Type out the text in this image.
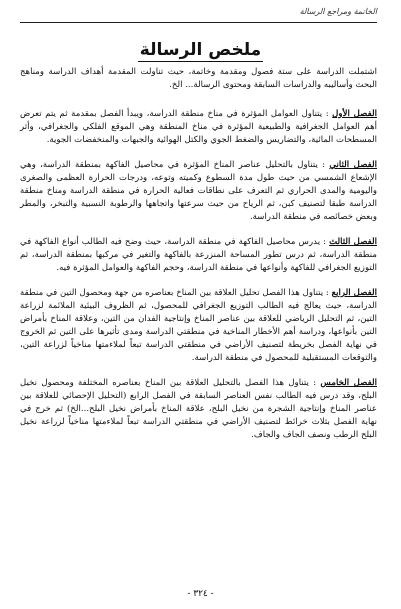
الخاتمة ومراجع الرسالة
ملخص الرسالة

اشتملت الدراسة على ستة فصول ومقدمة وخاتمة، حيث تناولت المقدمة أهداف الدراسة ومناهج البحث وأساليبه والدراسات السابقة ومحتوى الرسالة... الخ.

الفصل الأول : يتناول العوامل المؤثرة في مناخ منطقة الدراسة، ويبدأ الفصل بمقدمة ثم يتم تعرض أهم العوامل الجغرافية والطبيعية المؤثرة في مناخ المنطقة وهي الموقع الفلكي والجغرافي، وأثر المسطحات المائية، والتضاريس والضغط الجوي والكتل الهوائية والجبهات والمنخفضات الجوية.

الفصل الثاني : يتناول بالتحليل عناصر المناخ المؤثرة في محاصيل الفاكهة بمنطقة الدراسة، وهي الإشعاع الشمسي من حيث طول مدة السطوع وكميته وتوعه، ودرجات الحرارة العظمى والصغرى واليومية والمدى الحراري ثم التعرف على نطاقات فعالية الحرارة في منطقة الدراسة ومناخ منطقة الدراسة طبقا لتصنيف كبن، ثم الرياح من حيث سرعتها واتجاهها والرطوبة النسبية والتبخر، والمطر وبعض خصائصه في منطقة الدراسة.

الفصل الثالث : يدرس محاصيل الفاكهة في منطقة الدراسة، حيث وضح فيه الطالب أنواع الفاكهة في منطقة الدراسة، ثم درس تطور المساحة المنزرعة بالفاكهة والتغير في مركبها بمنطقة الدراسة، ثم التوزيع الجغرافي للفاكهة وأنواعها في منطقة الدراسة، وحجم الفاكهة والعوامل المؤثرة فيه.

الفصل الرابع : يتناول هذا الفصل تحليل العلاقة بين المناخ بعناصره من جهة ومحصول التين في منطقة الدراسة، حيث يعالج فيه الطالب التوزيع الجغرافي للمحصول، ثم الظروف البيئية الملائمة لزراعة التين، ثم التحليل الرياضي للعلاقة بين عناصر المناخ وإنتاجية الفدان من التين، وعلاقة المناخ بأمراض التين بأنواعها، ودراسة أهم الأخطار المناخية في منطقتي الدراسة ومدى تأثيرها على التين ثم الخروج في نهاية الفصل بخريطة لتصنيف الأراضي في منطقتي الدراسة تبعاً لملاءمتها مناخياً لزراعة التين، والتوقعات المستقبلية للمحصول في منطقة الدراسة.

الفصل الخامس : يتناول هذا الفصل بالتحليل العلاقة بين المناخ بعناصره المختلفة ومحصول نخيل البلح، وقد درس فيه الطالب نفس العناصر السابقة في الفصل الرابع (التحليل الإحصائي للعلاقة بين عناصر المناخ وإنتاجية الشجرة من نخيل البلح، علاقة المناخ بأمراض نخيل البلح...الخ) ثم خرج في نهاية الفصل بثلاث خرائط لتصنيف الأراضي في منطقتي الدراسة تبعاً لملاءمتها مناخياً لزراعة نخيل البلح الرطب ونصف الجاف والجاف.

- ٣٢٤ -
